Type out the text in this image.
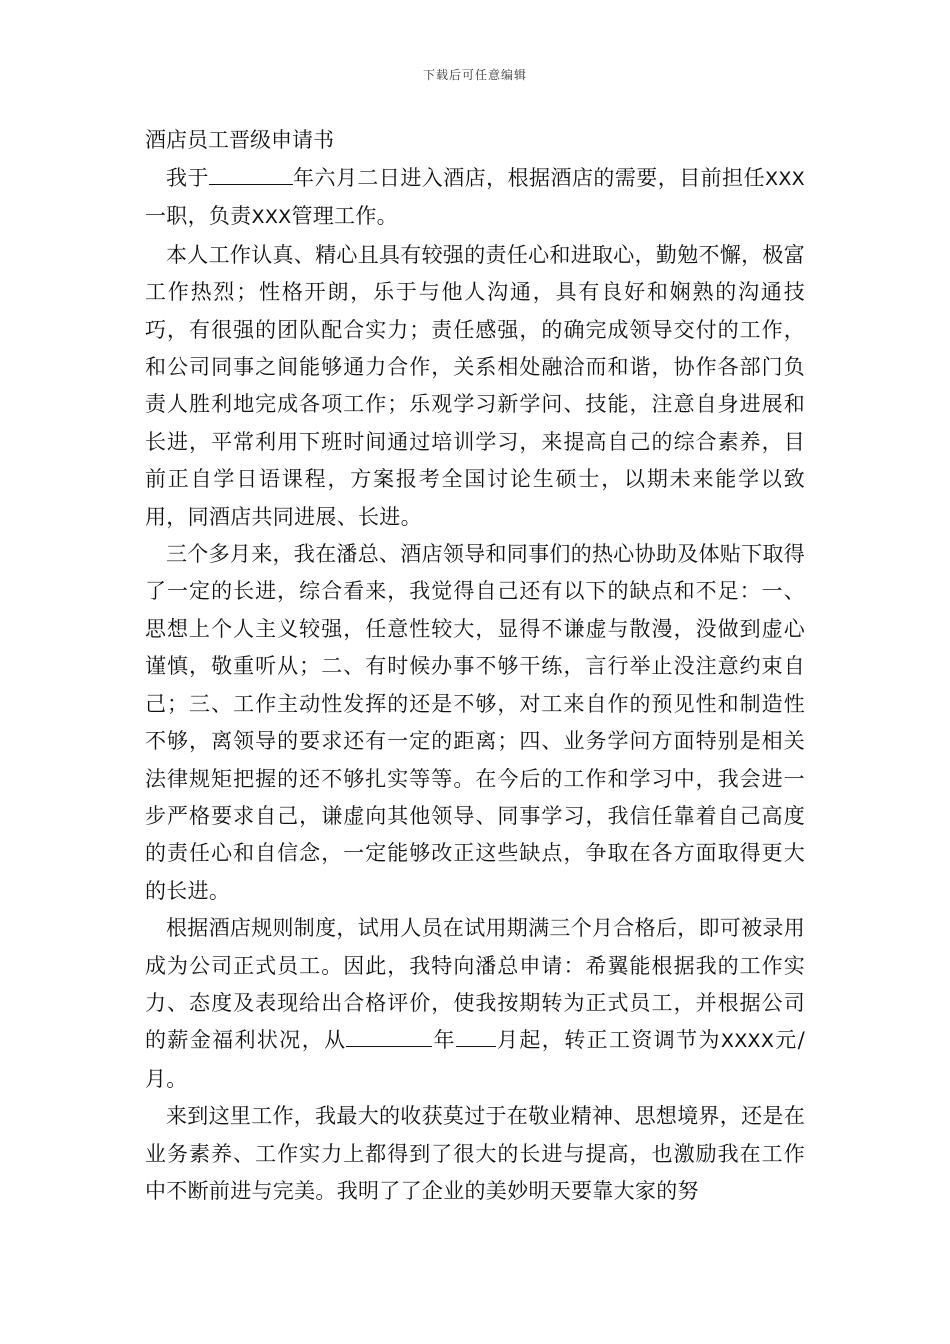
下载后可任意编辑
酒店员工晋级申请书

我于	年六月二日进入酒店，根据酒店的需要，目前担任XXX一职，负责XXX管理工作。

本人工作认真、精心且具有较强的责任心和进取心，勤勉不懈，极富工作热烈；性格开朗，乐于与他人沟通，具有良好和娴熟的沟通技巧，有很强的团队配合实力；责任感强，的确完成领导交付的工作，和公司同事之间能够通力合作，关系相处融洽而和谐，协作各部门负责人胜利地完成各项工作；乐观学习新学问、技能，注意自身进展和长进，平常利用下班时间通过培训学习，来提高自己的综合素养，目前正自学日语课程，方案报考全国讨论生硕士，以期未来能学以致用，同酒店共同进展、长进。

三个多月来，我在潘总、酒店领导和同事们的热心协助及体贴下取得了一定的长进，综合看来，我觉得自己还有以下的缺点和不足：一、思想上个人主义较强，任意性较大，显得不谦虚与散漫，没做到虚心谨慎，敬重听从；二、有时候办事不够干练，言行举止没注意约束自己；三、工作主动性发挥的还是不够，对工来自作的预见性和制造性不够，离领导的要求还有一定的距离；四、业务学问方面特别是相关法律规矩把握的还不够扎实等等。在今后的工作和学习中，我会进一步严格要求自己，谦虚向其他领导、同事学习，我信任靠着自己高度的责任心和自信念，一定能够改正这些缺点，争取在各方面取得更大的长进。

根据酒店规则制度，试用人员在试用期满三个月合格后，即可被录用成为公司正式员工。因此，我特向潘总申请：希翼能根据我的工作实力、态度及表现给出合格评价，使我按期转为正式员工，并根据公司的薪金福利状况，从	年 月起，转正工资调节为XXXX元/月。

来到这里工作，我最大的收获莫过于在敬业精神、思想境界，还是在业务素养、工作实力上都得到了很大的长进与提高，也激励我在工作中不断前进与完美。我明了了企业的美妙明天要靠大家的努
